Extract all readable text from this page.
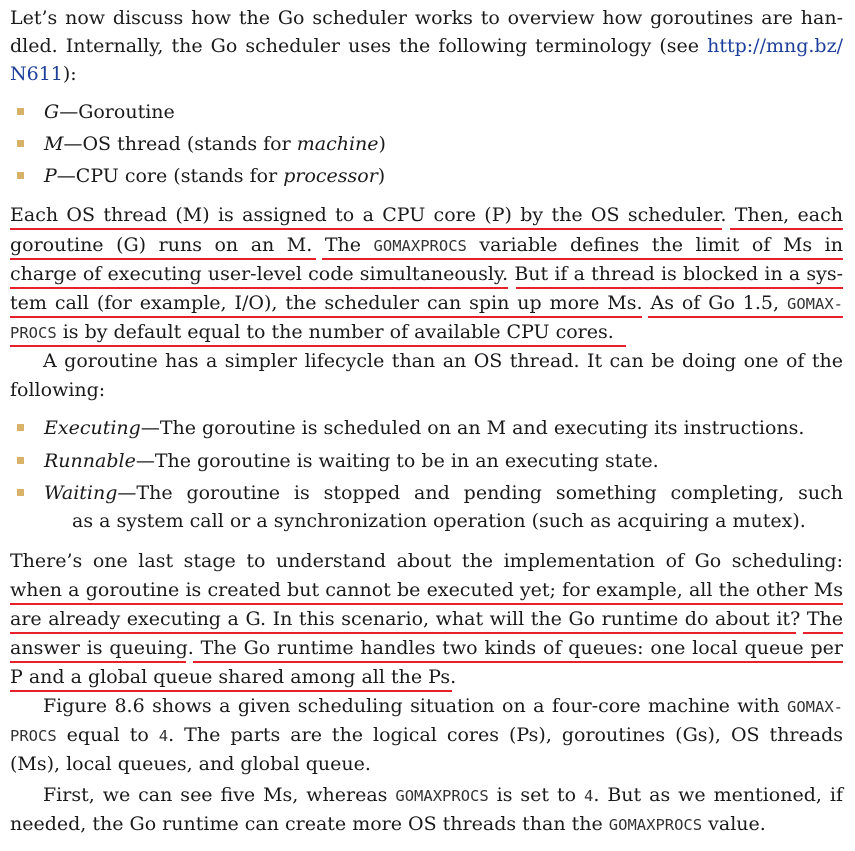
Let’s now discuss how the Go scheduler works to overview how goroutines are han-
dled. Internally, the Go scheduler uses the following terminology (see http://mng.bz/
N611):
G—Goroutine
M—OS thread (stands for machine)
P—CPU core (stands for processor)
Each OS thread (M) is assigned to a CPU core (P) by the OS scheduler. Then, each
goroutine (G) runs on an M. The GOMAXPROCS variable defines the limit of Ms in
charge of executing user-level code simultaneously. But if a thread is blocked in a sys-
tem call (for example, I/O), the scheduler can spin up more Ms. As of Go 1.5, GOMAX-
PROCS is by default equal to the number of available CPU cores.
A goroutine has a simpler lifecycle than an OS thread. It can be doing one of the
following:
Executing—The goroutine is scheduled on an M and executing its instructions.
Runnable—The goroutine is waiting to be in an executing state.
Waiting—The goroutine is stopped and pending something completing, such
as a system call or a synchronization operation (such as acquiring a mutex).
There’s one last stage to understand about the implementation of Go scheduling:
when a goroutine is created but cannot be executed yet; for example, all the other Ms
are already executing a G. In this scenario, what will the Go runtime do about it? The
answer is queuing. The Go runtime handles two kinds of queues: one local queue per
P and a global queue shared among all the Ps.
Figure 8.6 shows a given scheduling situation on a four-core machine with GOMAX-
PROCS equal to 4. The parts are the logical cores (Ps), goroutines (Gs), OS threads
(Ms), local queues, and global queue.
First, we can see five Ms, whereas GOMAXPROCS is set to 4. But as we mentioned, if
needed, the Go runtime can create more OS threads than the GOMAXPROCS value.
